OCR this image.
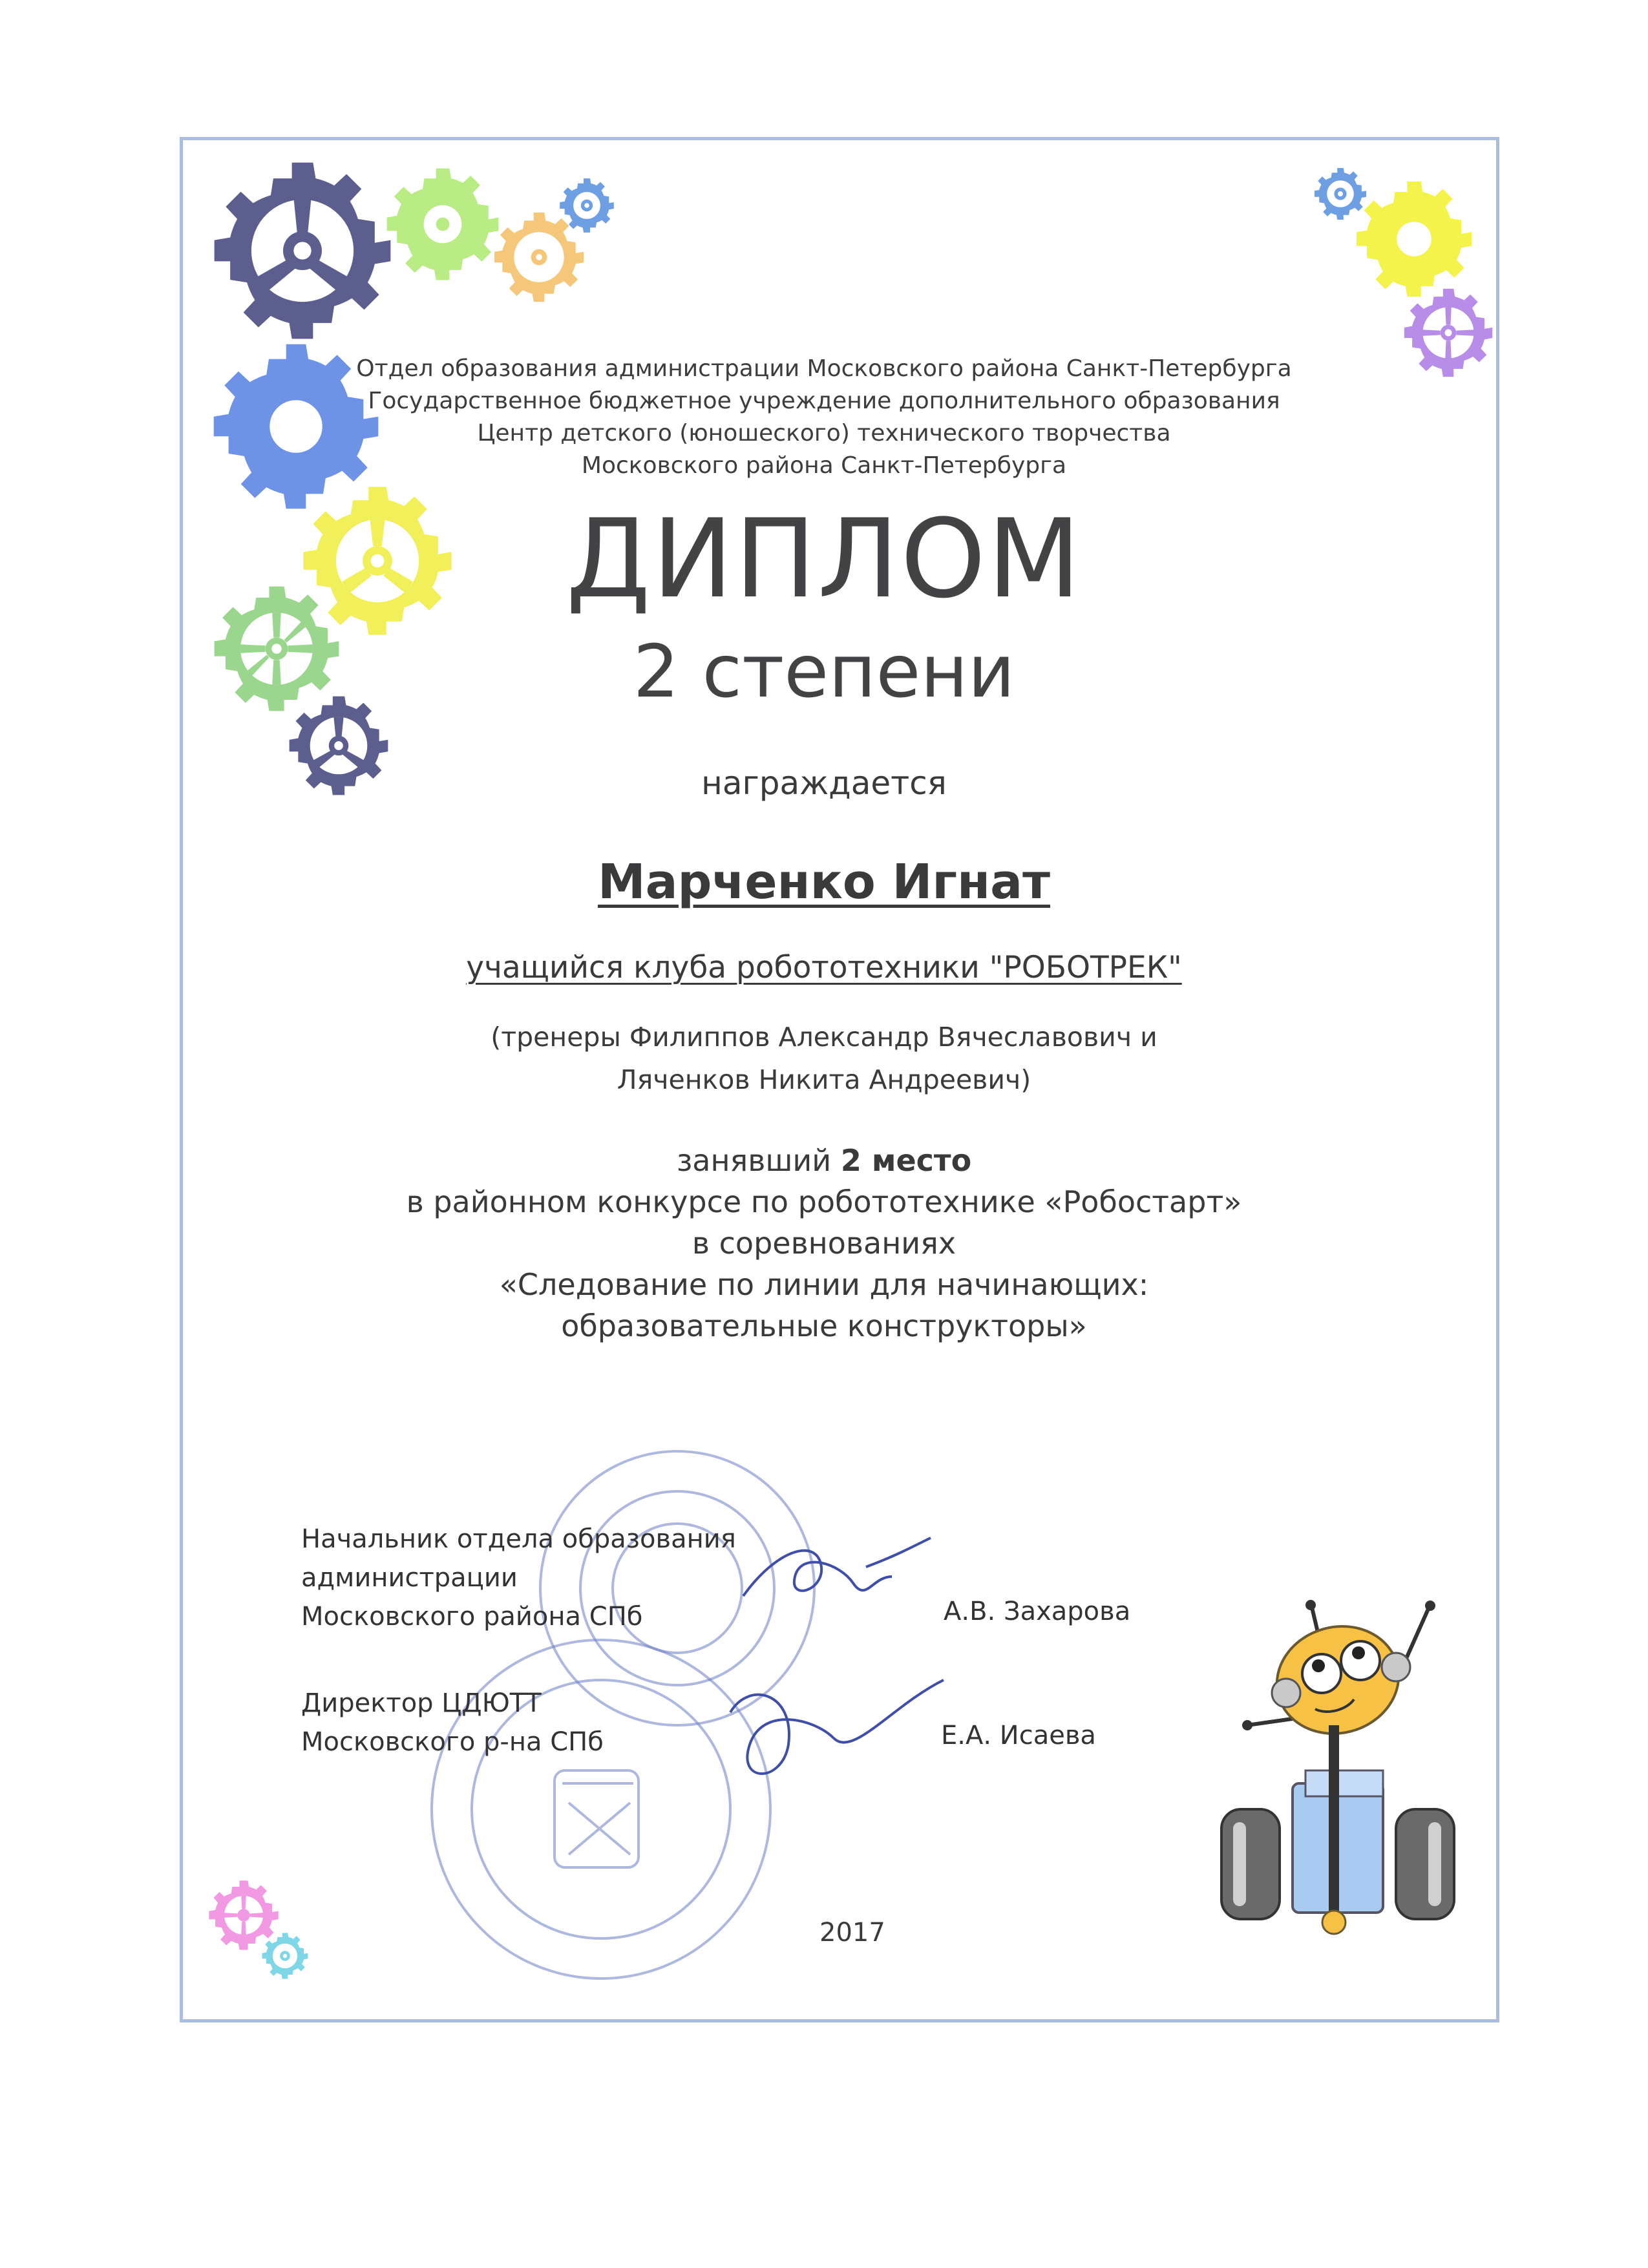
Отдел образования администрации Московского района Санкт-Петербурга
Государственное бюджетное учреждение дополнительного образования
Центр детского (юношеского) технического творчества
Московского района Санкт-Петербурга
ДИПЛОМ
2 степени
награждается
Марченко Игнат
учащийся клуба робототехники "РОБОТРЕК"
(тренеры Филиппов Александр Вячеславович и
Ляченков Никита Андреевич)
занявший 2 место
в районном конкурсе по робототехнике «Робостарт»
в соревнованиях
«Следование по линии для начинающих:
образовательные конструкторы»
Начальник отдела образования
администрации
Московского района СПб	А.В. Захарова
Директор ЦДЮТТ
Московского р-на СПб	Е.А. Исаева
2017
